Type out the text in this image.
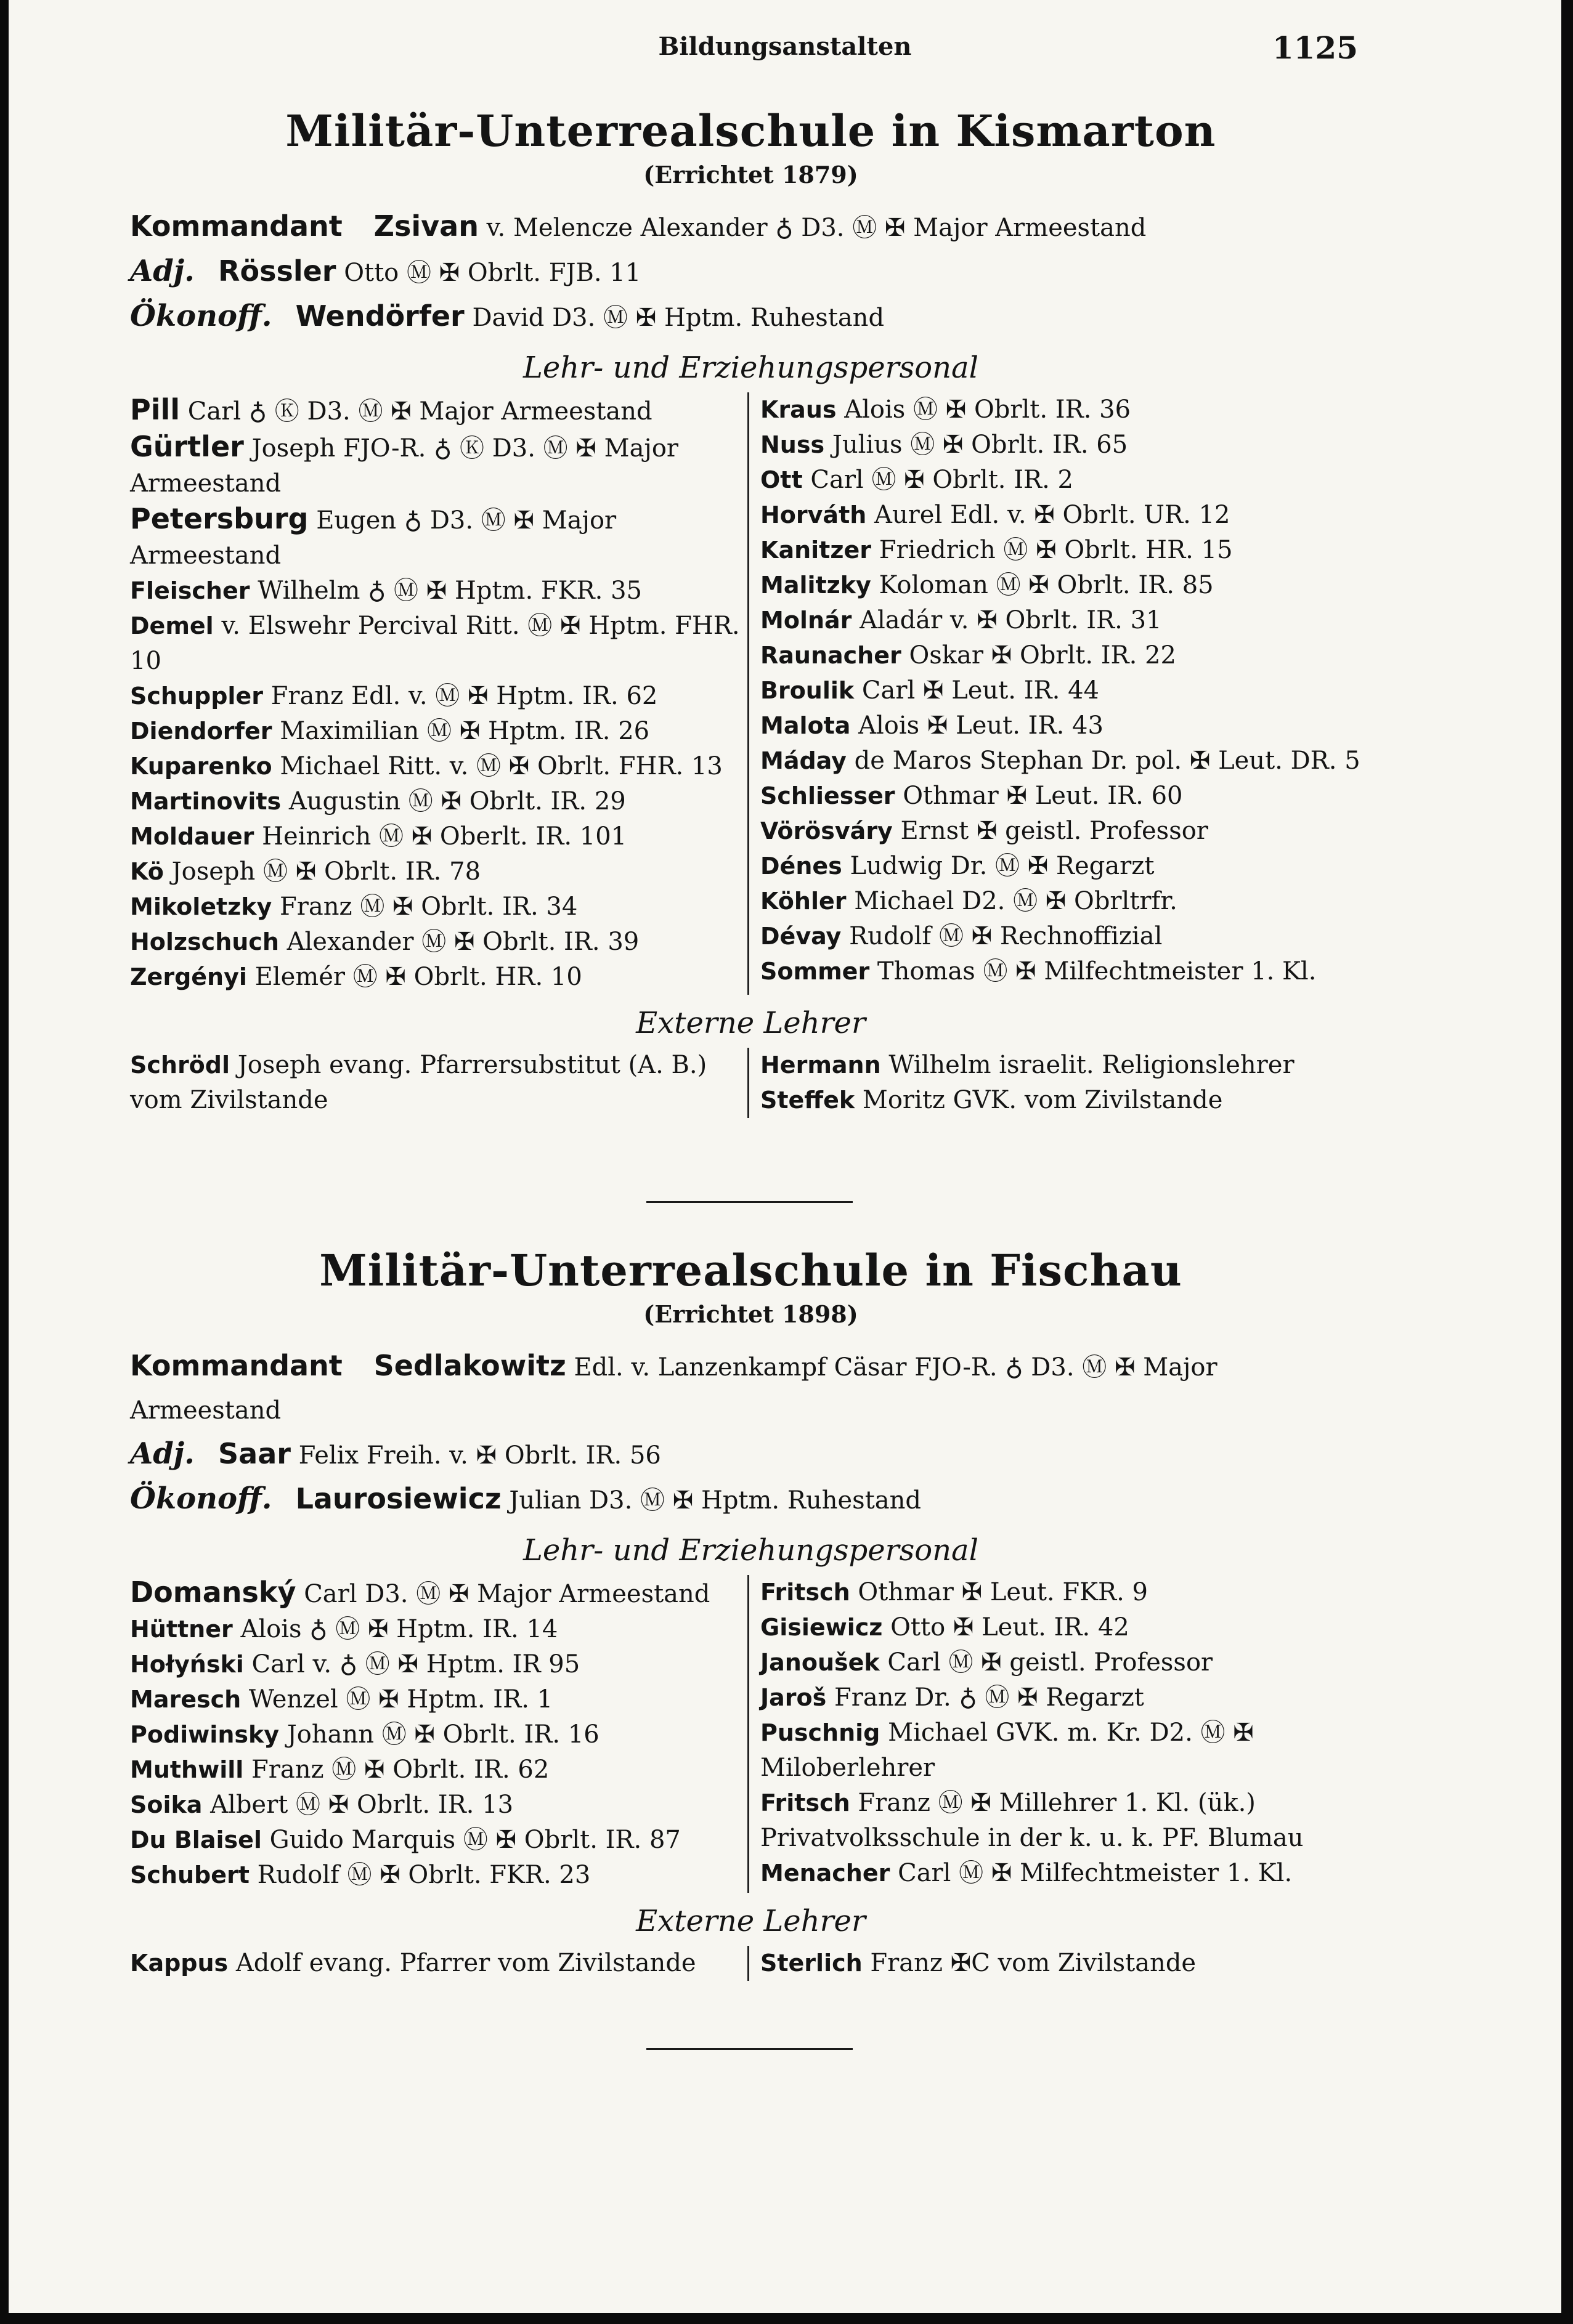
Bildungsanstalten	1125
Militär-Unterrealschule in Kismarton
(Errichtet 1879)
Kommandant Zsivan v. Melencze Alexander ♁ D3. Ⓜ ✠ Major Armeestand
Adj. Rössler Otto Ⓜ ✠ Obrlt. FJB. 11
Ökonoff. Wendörfer David D3. Ⓜ ✠ Hptm. Ruhestand
Lehr- und Erziehungspersonal
Pill Carl ♁ Ⓚ D3. Ⓜ ✠ Major Armeestand
Gürtler Joseph FJO-R. ♁ Ⓚ D3. Ⓜ ✠ Major Armeestand
Petersburg Eugen ♁ D3. Ⓜ ✠ Major Armeestand
Fleischer Wilhelm ♁ Ⓜ ✠ Hptm. FKR. 35
Demel v. Elswehr Percival Ritt. Ⓜ ✠ Hptm. FHR. 10
Schuppler Franz Edl. v. Ⓜ ✠ Hptm. IR. 62
Diendorfer Maximilian Ⓜ ✠ Hptm. IR. 26
Kuparenko Michael Ritt. v. Ⓜ ✠ Obrlt. FHR. 13
Martinovits Augustin Ⓜ ✠ Obrlt. IR. 29
Moldauer Heinrich Ⓜ ✠ Oberlt. IR. 101
Kö Joseph Ⓜ ✠ Obrlt. IR. 78
Mikoletzky Franz Ⓜ ✠ Obrlt. IR. 34
Holzschuch Alexander Ⓜ ✠ Obrlt. IR. 39
Zergényi Elemér Ⓜ ✠ Obrlt. HR. 10
Kraus Alois Ⓜ ✠ Obrlt. IR. 36
Nuss Julius Ⓜ ✠ Obrlt. IR. 65
Ott Carl Ⓜ ✠ Obrlt. IR. 2
Horváth Aurel Edl. v. ✠ Obrlt. UR. 12
Kanitzer Friedrich Ⓜ ✠ Obrlt. HR. 15
Malitzky Koloman Ⓜ ✠ Obrlt. IR. 85
Molnár Aladár v. ✠ Obrlt. IR. 31
Raunacher Oskar ✠ Obrlt. IR. 22
Broulik Carl ✠ Leut. IR. 44
Malota Alois ✠ Leut. IR. 43
Máday de Maros Stephan Dr. pol. ✠ Leut. DR. 5
Schliesser Othmar ✠ Leut. IR. 60
Vörösváry Ernst ✠ geistl. Professor
Dénes Ludwig Dr. Ⓜ ✠ Regarzt
Köhler Michael D2. Ⓜ ✠ Obrltrfr.
Dévay Rudolf Ⓜ ✠ Rechnoffizial
Sommer Thomas Ⓜ ✠ Milfechtmeister 1. Kl.
Externe Lehrer
Schrödl Joseph evang. Pfarrersubstitut (A. B.) vom Zivilstande
Hermann Wilhelm israelit. Religionslehrer
Steffek Moritz GVK. vom Zivilstande
Militär-Unterrealschule in Fischau
(Errichtet 1898)
Kommandant Sedlakowitz Edl. v. Lanzenkampf Cäsar FJO-R. ♁ D3. Ⓜ ✠ Major Armeestand
Adj. Saar Felix Freih. v. ✠ Obrlt. IR. 56
Ökonoff. Laurosiewicz Julian D3. Ⓜ ✠ Hptm. Ruhestand
Lehr- und Erziehungspersonal
Domanský Carl D3. Ⓜ ✠ Major Armeestand
Hüttner Alois ♁ Ⓜ ✠ Hptm. IR. 14
Hołyński Carl v. ♁ Ⓜ ✠ Hptm. IR 95
Maresch Wenzel Ⓜ ✠ Hptm. IR. 1
Podiwinsky Johann Ⓜ ✠ Obrlt. IR. 16
Muthwill Franz Ⓜ ✠ Obrlt. IR. 62
Soika Albert Ⓜ ✠ Obrlt. IR. 13
Du Blaisel Guido Marquis Ⓜ ✠ Obrlt. IR. 87
Schubert Rudolf Ⓜ ✠ Obrlt. FKR. 23
Fritsch Othmar ✠ Leut. FKR. 9
Gisiewicz Otto ✠ Leut. IR. 42
Janoušek Carl Ⓜ ✠ geistl. Professor
Jaroš Franz Dr. ♁ Ⓜ ✠ Regarzt
Puschnig Michael GVK. m. Kr. D2. Ⓜ ✠ Miloberlehrer
Fritsch Franz Ⓜ ✠ Millehrer 1. Kl. (ük.) Privatvolksschule in der k. u. k. PF. Blumau
Menacher Carl Ⓜ ✠ Milfechtmeister 1. Kl.
Externe Lehrer
Kappus Adolf evang. Pfarrer vom Zivilstande	Sterlich Franz ✠C vom Zivilstande
